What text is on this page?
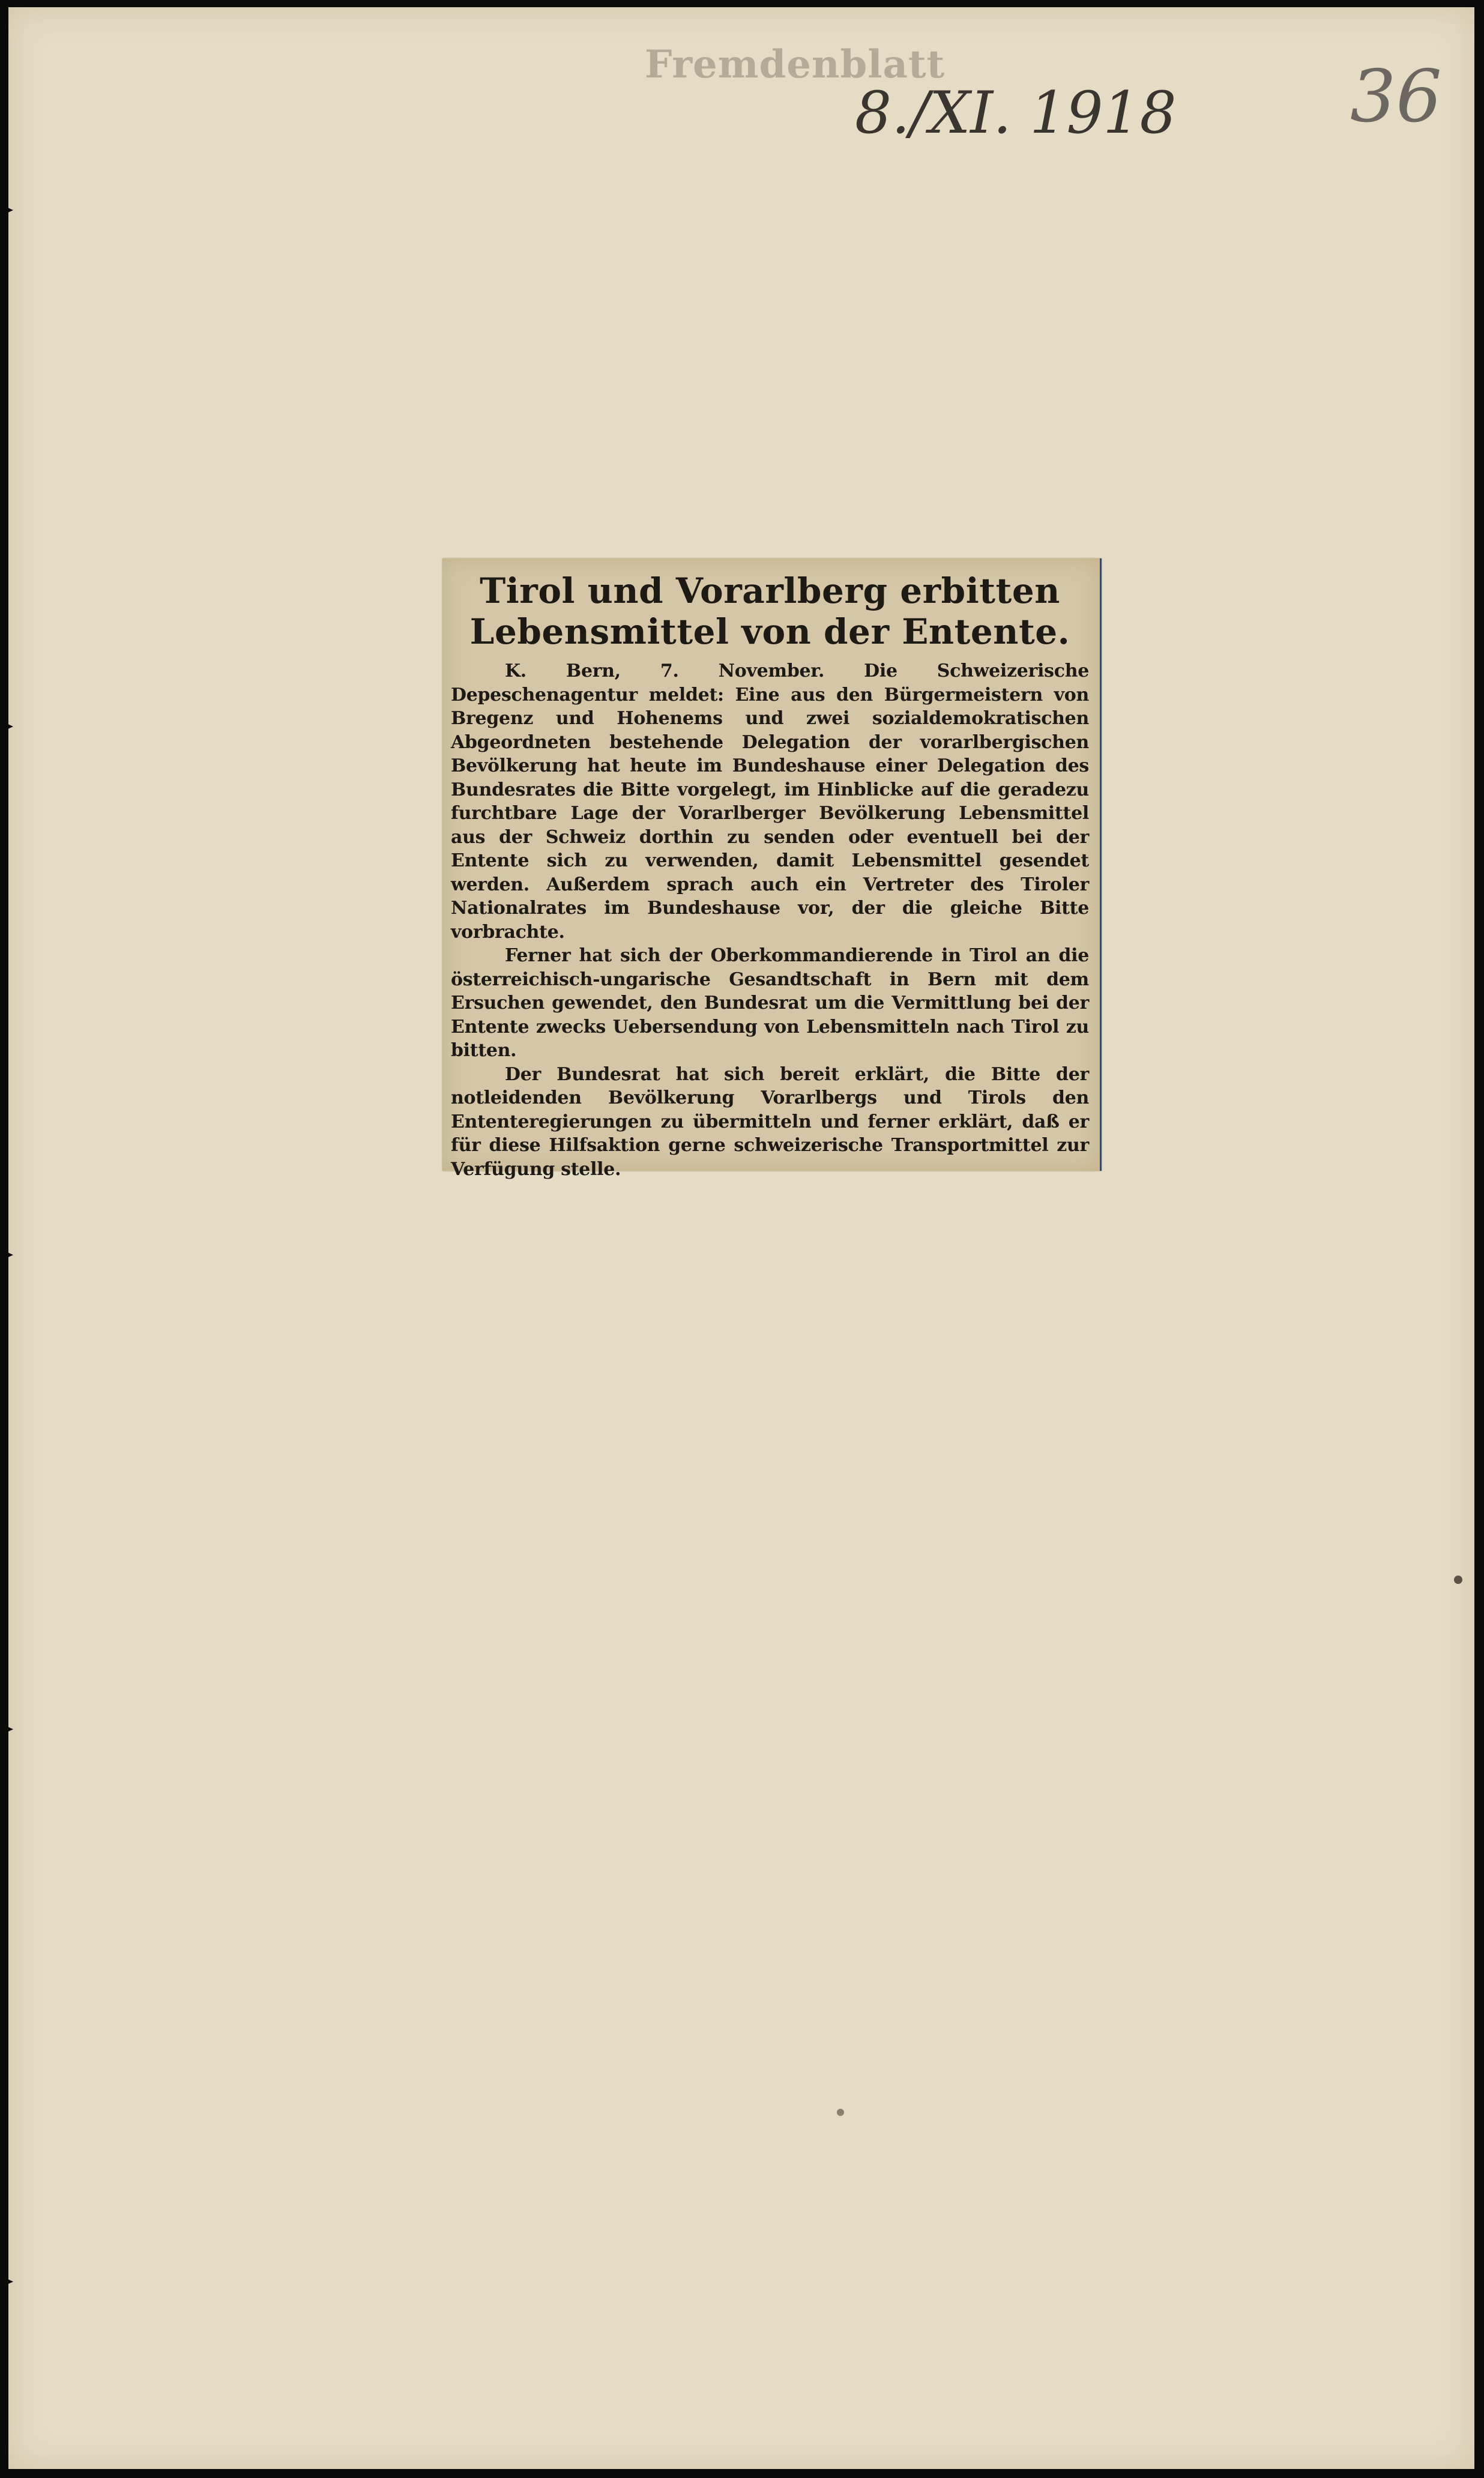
Fremdenblatt
8./XI. 1918 36
Tirol und Vorarlberg erbitten Lebensmittel von der Entente.

K. Bern, 7. November. Die Schweizerische Depeschenagentur meldet: Eine aus den Bürgermeistern von Bregenz und Hohenems und zwei sozialdemokratischen Abgeordneten bestehende Delegation der vorarlbergischen Bevölkerung hat heute im Bundeshause einer Delegation des Bundesrates die Bitte vorgelegt, im Hinblicke auf die geradezu furchtbare Lage der Vorarlberger Bevölkerung Lebensmittel aus der Schweiz dorthin zu senden oder eventuell bei der Entente sich zu verwenden, damit Lebensmittel gesendet werden. Außerdem sprach auch ein Vertreter des Tiroler Nationalrates im Bundeshause vor, der die gleiche Bitte vorbrachte.

Ferner hat sich der Oberkommandierende in Tirol an die österreichisch-ungarische Gesandtschaft in Bern mit dem Ersuchen gewendet, den Bundesrat um die Vermittlung bei der Entente zwecks Uebersendung von Lebensmitteln nach Tirol zu bitten.

Der Bundesrat hat sich bereit erklärt, die Bitte der notleidenden Bevölkerung Vorarlbergs und Tirols den Ententeregierungen zu übermitteln und ferner erklärt, daß er für diese Hilfsaktion gerne schweizerische Transportmittel zur Verfügung stelle.
